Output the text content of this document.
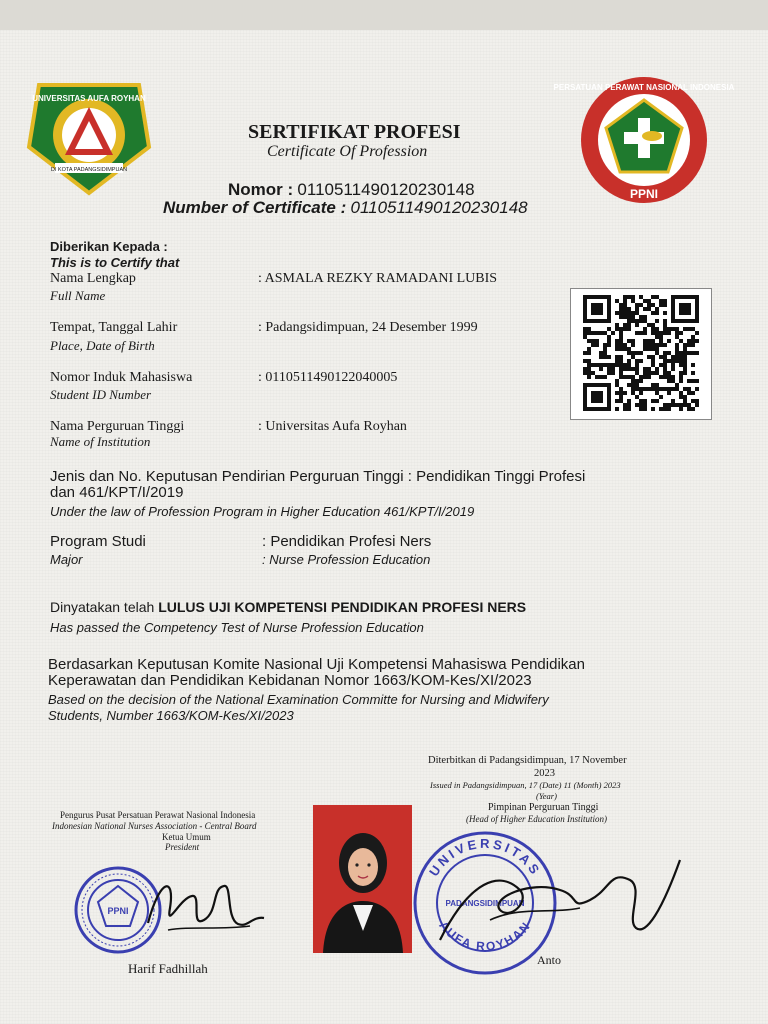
UNIVERSITAS AUFA ROYHAN
DI KOTA PADANGSIDIMPUAN
PERSATUAN PERAWAT NASIONAL INDONESIA
PPNI
SERTIFIKAT PROFESI
Certificate Of Profession
Nomor : 0110511490120230148
Number of Certificate : 0110511490120230148
Diberikan Kepada :
This is to Certify that
Nama Lengkap
Full Name
: ASMALA REZKY RAMADANI LUBIS
Tempat, Tanggal Lahir
Place, Date of Birth
: Padangsidimpuan, 24 Desember 1999
Nomor Induk Mahasiswa
Student ID Number
: 0110511490122040005
Nama Perguruan Tinggi
Name of Institution
: Universitas Aufa Royhan
Jenis dan No. Keputusan Pendirian Perguruan Tinggi : Pendidikan Tinggi Profesi
dan 461/KPT/I/2019
Under the law of Profession Program in Higher Education 461/KPT/I/2019
Program Studi
Major
: Pendidikan Profesi Ners
: Nurse Profession Education
Dinyatakan telah LULUS UJI KOMPETENSI PENDIDIKAN PROFESI NERS
Has passed the Competency Test of Nurse Profession Education
Berdasarkan Keputusan Komite Nasional Uji Kompetensi Mahasiswa Pendidikan
Keperawatan dan Pendidikan Kebidanan Nomor 1663/KOM-Kes/XI/2023
Based on the decision of the National Examination Committe for Nursing and Midwifery
Students, Number 1663/KOM-Kes/XI/2023
Diterbitkan di Padangsidimpuan, 17 November
2023
Issued in Padangsidimpuan, 17 (Date) 11 (Month) 2023
(Year)
Pimpinan Perguruan Tinggi
(Head of Higher Education Institution)
Pengurus Pusat Persatuan Perawat Nasional Indonesia
Indonesian National Nurses Association - Central Board
Ketua Umum
President
PPNI
Harif Fadhillah
UNIVERSITAS
AUFA ROYHAN
PADANGSIDIMPUAN
Anto
